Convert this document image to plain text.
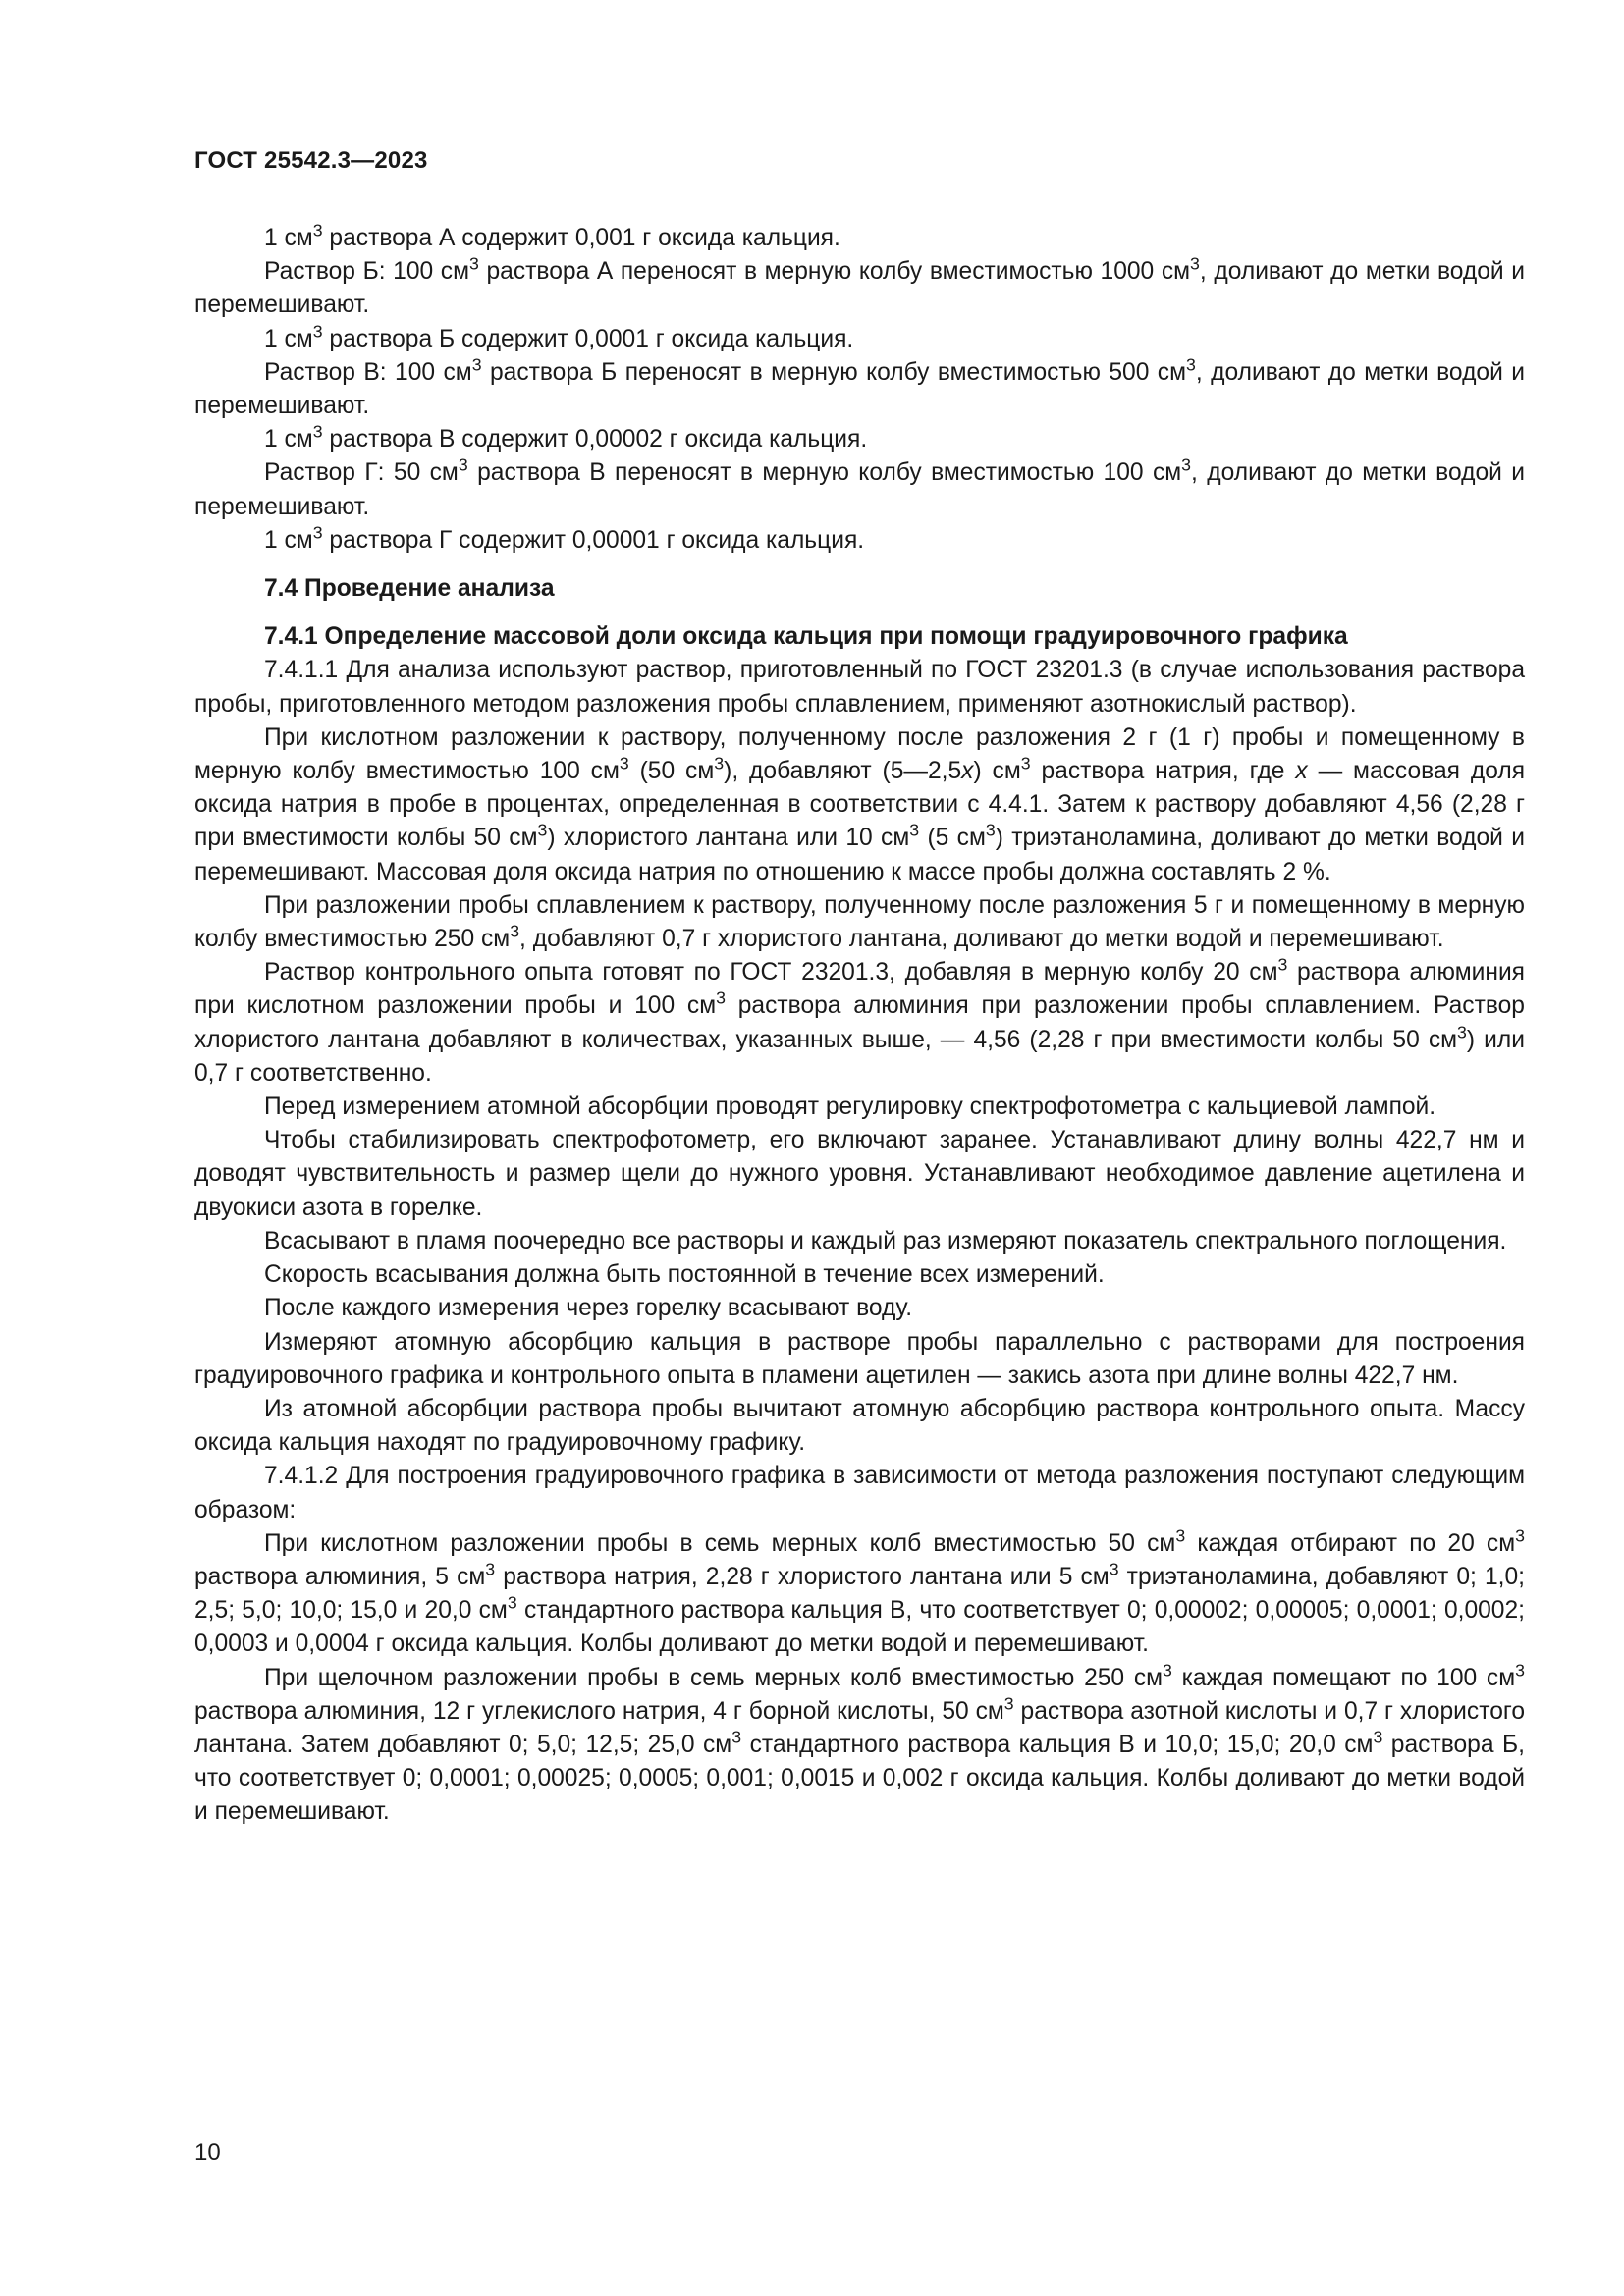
ГОСТ 25542.3—2023

1 $см^3$ раствора А содержит 0,001 г оксида кальция.

Раствор Б: 100 $см^3$ раствора А переносят в мерную колбу вместимостью 1000 $см^3$, доливают до метки водой и перемешивают.

1 $см^3$ раствора Б содержит 0,0001 г оксида кальция.

Раствор В: 100 $см^3$ раствора Б переносят в мерную колбу вместимостью 500 $см^3$, доливают до метки водой и перемешивают.

1 $см^3$ раствора В содержит 0,00002 г оксида кальция.

Раствор Г: 50 $см^3$ раствора В переносят в мерную колбу вместимостью 100 $см^3$, доливают до метки водой и перемешивают.

1 $см^3$ раствора Г содержит 0,00001 г оксида кальция.

7.4 Проведение анализа

7.4.1 Определение массовой доли оксида кальция при помощи градуировочного графика

7.4.1.1 Для анализа используют раствор, приготовленный по ГОСТ 23201.3 (в случае использования раствора пробы, приготовленного методом разложения пробы сплавлением, применяют азотнокислый раствор).

При кислотном разложении к раствору, полученному после разложения 2 г (1 г) пробы и помещенному в мерную колбу вместимостью 100 $см^3$ (50 $см^3$), добавляют (5—2,5х) $см^3$ раствора натрия, где х — массовая доля оксида натрия в пробе в процентах, определенная в соответствии с 4.4.1. Затем к раствору добавляют 4,56 (2,28 г при вместимости колбы 50 $см^3$) хлористого лантана или 10 $см^3$ (5 $см^3$) триэтаноламина, доливают до метки водой и перемешивают. Массовая доля оксида натрия по отношению к массе пробы должна составлять 2 %.

При разложении пробы сплавлением к раствору, полученному после разложения 5 г и помещенному в мерную колбу вместимостью 250 $см^3$, добавляют 0,7 г хлористого лантана, доливают до метки водой и перемешивают.

Раствор контрольного опыта готовят по ГОСТ 23201.3, добавляя в мерную колбу 20 $см^3$ раствора алюминия при кислотном разложении пробы и 100 $см^3$ раствора алюминия при разложении пробы сплавлением. Раствор хлористого лантана добавляют в количествах, указанных выше, — 4,56 (2,28 г при вместимости колбы 50 $см^3$) или 0,7 г соответственно.

Перед измерением атомной абсорбции проводят регулировку спектрофотометра с кальциевой лампой.

Чтобы стабилизировать спектрофотометр, его включают заранее. Устанавливают длину волны 422,7 нм и доводят чувствительность и размер щели до нужного уровня. Устанавливают необходимое давление ацетилена и двуокиси азота в горелке.

Всасывают в пламя поочередно все растворы и каждый раз измеряют показатель спектрального поглощения.

Скорость всасывания должна быть постоянной в течение всех измерений.

После каждого измерения через горелку всасывают воду.

Измеряют атомную абсорбцию кальция в растворе пробы параллельно с растворами для построения градуировочного графика и контрольного опыта в пламени ацетилен — закись азота при длине волны 422,7 нм.

Из атомной абсорбции раствора пробы вычитают атомную абсорбцию раствора контрольного опыта. Массу оксида кальция находят по градуировочному графику.

7.4.1.2 Для построения градуировочного графика в зависимости от метода разложения поступают следующим образом:

При кислотном разложении пробы в семь мерных колб вместимостью 50 $см^3$ каждая отбирают по 20 $см^3$ раствора алюминия, 5 $см^3$ раствора натрия, 2,28 г хлористого лантана или 5 $см^3$ триэтаноламина, добавляют 0; 1,0; 2,5; 5,0; 10,0; 15,0 и 20,0 $см^3$ стандартного раствора кальция В, что соответствует 0; 0,00002; 0,00005; 0,0001; 0,0002; 0,0003 и 0,0004 г оксида кальция. Колбы доливают до метки водой и перемешивают.

При щелочном разложении пробы в семь мерных колб вместимостью 250 $см^3$ каждая помещают по 100 $см^3$ раствора алюминия, 12 г углекислого натрия, 4 г борной кислоты, 50 $см^3$ раствора азотной кислоты и 0,7 г хлористого лантана. Затем добавляют 0; 5,0; 12,5; 25,0 $см^3$ стандартного раствора кальция В и 10,0; 15,0; 20,0 $см^3$ раствора Б, что соответствует 0; 0,0001; 0,00025; 0,0005; 0,001; 0,0015 и 0,002 г оксида кальция. Колбы доливают до метки водой и перемешивают.

10
